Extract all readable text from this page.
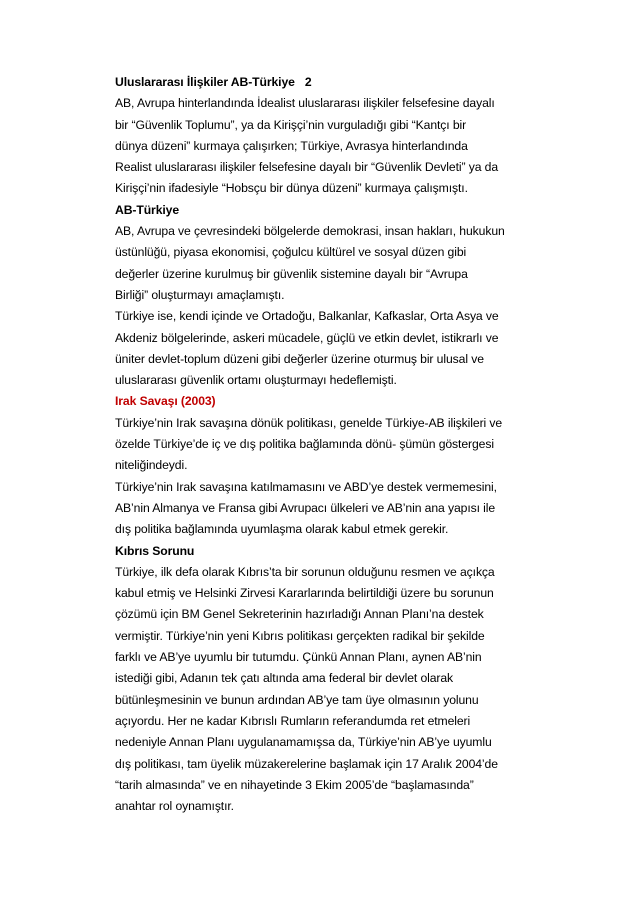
Uluslararası İlişkiler AB-Türkiye 2
AB, Avrupa hinterlandında İdealist uluslararası ilişkiler felsefesine dayalı
bir “Güvenlik Toplumu”, ya da Kirişçi’nin vurguladığı gibi “Kantçı bir
dünya düzeni” kurmaya çalışırken; Türkiye, Avrasya hinterlandında
Realist uluslararası ilişkiler felsefesine dayalı bir “Güvenlik Devleti” ya da
Kirişçi’nin ifadesiyle “Hobsçu bir dünya düzeni” kurmaya çalışmıştı.
AB-Türkiye
AB, Avrupa ve çevresindeki bölgelerde demokrasi, insan hakları, hukukun
üstünlüğü, piyasa ekonomisi, çoğulcu kültürel ve sosyal düzen gibi
değerler üzerine kurulmuş bir güvenlik sistemine dayalı bir “Avrupa
Birliği” oluşturmayı amaçlamıştı.
Türkiye ise, kendi içinde ve Ortadoğu, Balkanlar, Kafkaslar, Orta Asya ve
Akdeniz bölgelerinde, askeri mücadele, güçlü ve etkin devlet, istikrarlı ve
üniter devlet-toplum düzeni gibi değerler üzerine oturmuş bir ulusal ve
uluslararası güvenlik ortamı oluşturmayı hedeflemişti.
Irak Savaşı (2003)
Türkiye’nin Irak savaşına dönük politikası, genelde Türkiye-AB ilişkileri ve
özelde Türkiye’de iç ve dış politika bağlamında dönü- şümün göstergesi
niteliğindeydi.
Türkiye’nin Irak savaşına katılmamasını ve ABD’ye destek vermemesini,
AB’nin Almanya ve Fransa gibi Avrupacı ülkeleri ve AB’nin ana yapısı ile
dış politika bağlamında uyumlaşma olarak kabul etmek gerekir.
Kıbrıs Sorunu
Türkiye, ilk defa olarak Kıbrıs’ta bir sorunun olduğunu resmen ve açıkça
kabul etmiş ve Helsinki Zirvesi Kararlarında belirtildiği üzere bu sorunun
çözümü için BM Genel Sekreterinin hazırladığı Annan Planı’na destek
vermiştir. Türkiye’nin yeni Kıbrıs politikası gerçekten radikal bir şekilde
farklı ve AB’ye uyumlu bir tutumdu. Çünkü Annan Planı, aynen AB’nin
istediği gibi, Adanın tek çatı altında ama federal bir devlet olarak
bütünleşmesinin ve bunun ardından AB’ye tam üye olmasının yolunu
açıyordu. Her ne kadar Kıbrıslı Rumların referandumda ret etmeleri
nedeniyle Annan Planı uygulanamamışsa da, Türkiye’nin AB’ye uyumlu
dış politikası, tam üyelik müzakerelerine başlamak için 17 Aralık 2004’de
“tarih almasında” ve en nihayetinde 3 Ekim 2005’de “başlamasında”
anahtar rol oynamıştır.
